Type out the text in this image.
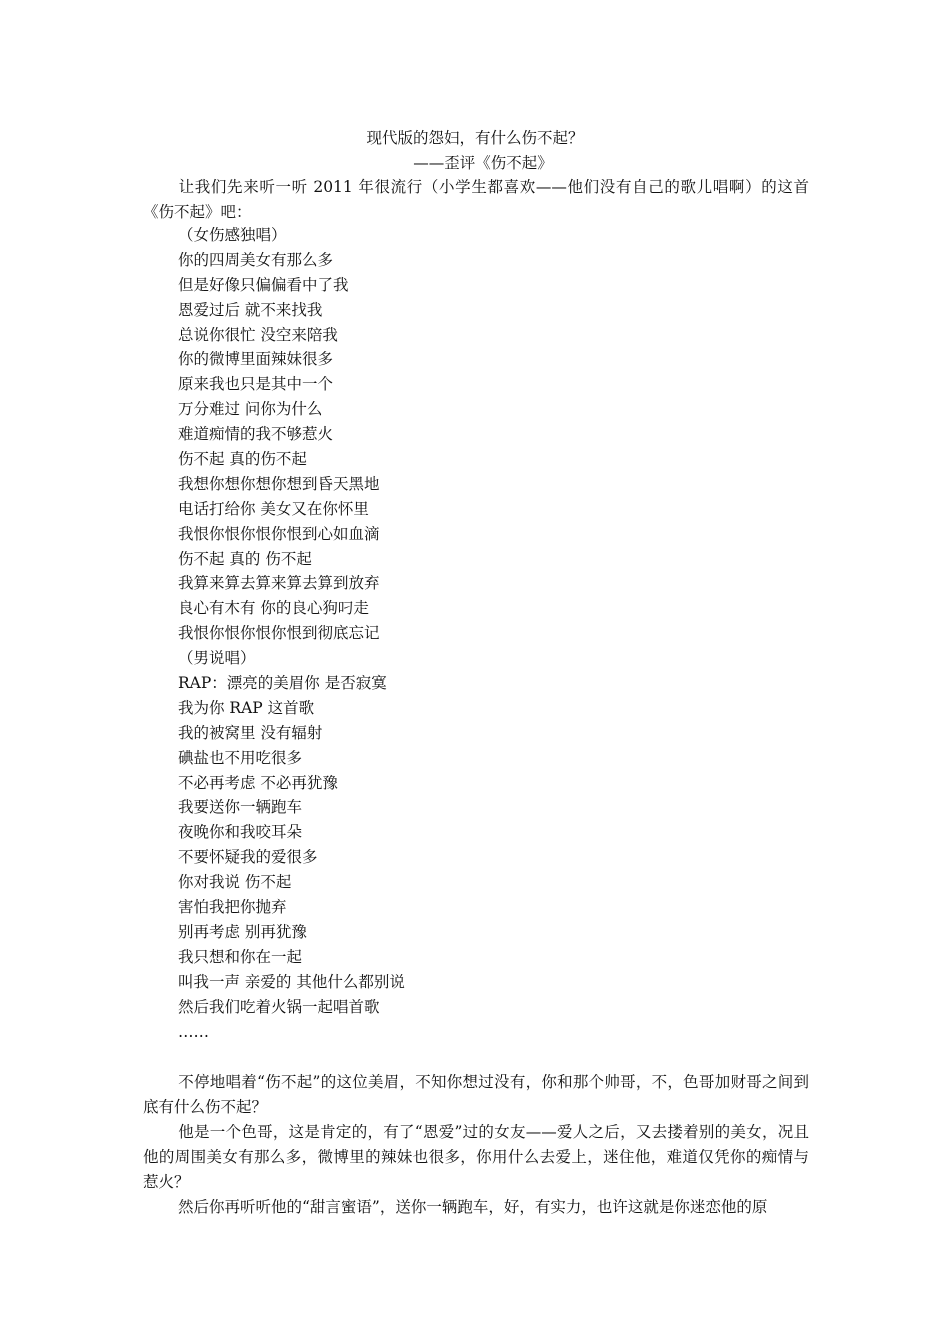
现代版的怨妇，有什么伤不起？
——歪评《伤不起》
让我们先来听一听 2011 年很流行（小学生都喜欢——他们没有自己的歌儿唱啊）的这首《伤不起》吧：
（女伤感独唱）
你的四周美女有那么多
但是好像只偏偏看中了我
恩爱过后 就不来找我
总说你很忙 没空来陪我
你的微博里面辣妹很多
原来我也只是其中一个
万分难过 问你为什么
难道痴情的我不够惹火
伤不起 真的伤不起
我想你想你想你想到昏天黑地
电话打给你 美女又在你怀里
我恨你恨你恨你恨到心如血滴
伤不起 真的 伤不起
我算来算去算来算去算到放弃
良心有木有 你的良心狗叼走
我恨你恨你恨你恨到彻底忘记
（男说唱）
RAP：漂亮的美眉你 是否寂寞
我为你 RAP 这首歌
我的被窝里 没有辐射
碘盐也不用吃很多
不必再考虑 不必再犹豫
我要送你一辆跑车
夜晚你和我咬耳朵
不要怀疑我的爱很多
你对我说 伤不起
害怕我把你抛弃
别再考虑 别再犹豫
我只想和你在一起
叫我一声 亲爱的 其他什么都别说
然后我们吃着火锅一起唱首歌
……
不停地唱着“伤不起”的这位美眉，不知你想过没有，你和那个帅哥，不，色哥加财哥之间到底有什么伤不起？
他是一个色哥，这是肯定的，有了“恩爱”过的女友——爱人之后，又去搂着别的美女，况且他的周围美女有那么多，微博里的辣妹也很多，你用什么去爱上，迷住他，难道仅凭你的痴情与惹火？
然后你再听听他的“甜言蜜语”，送你一辆跑车，好，有实力，也许这就是你迷恋他的原
